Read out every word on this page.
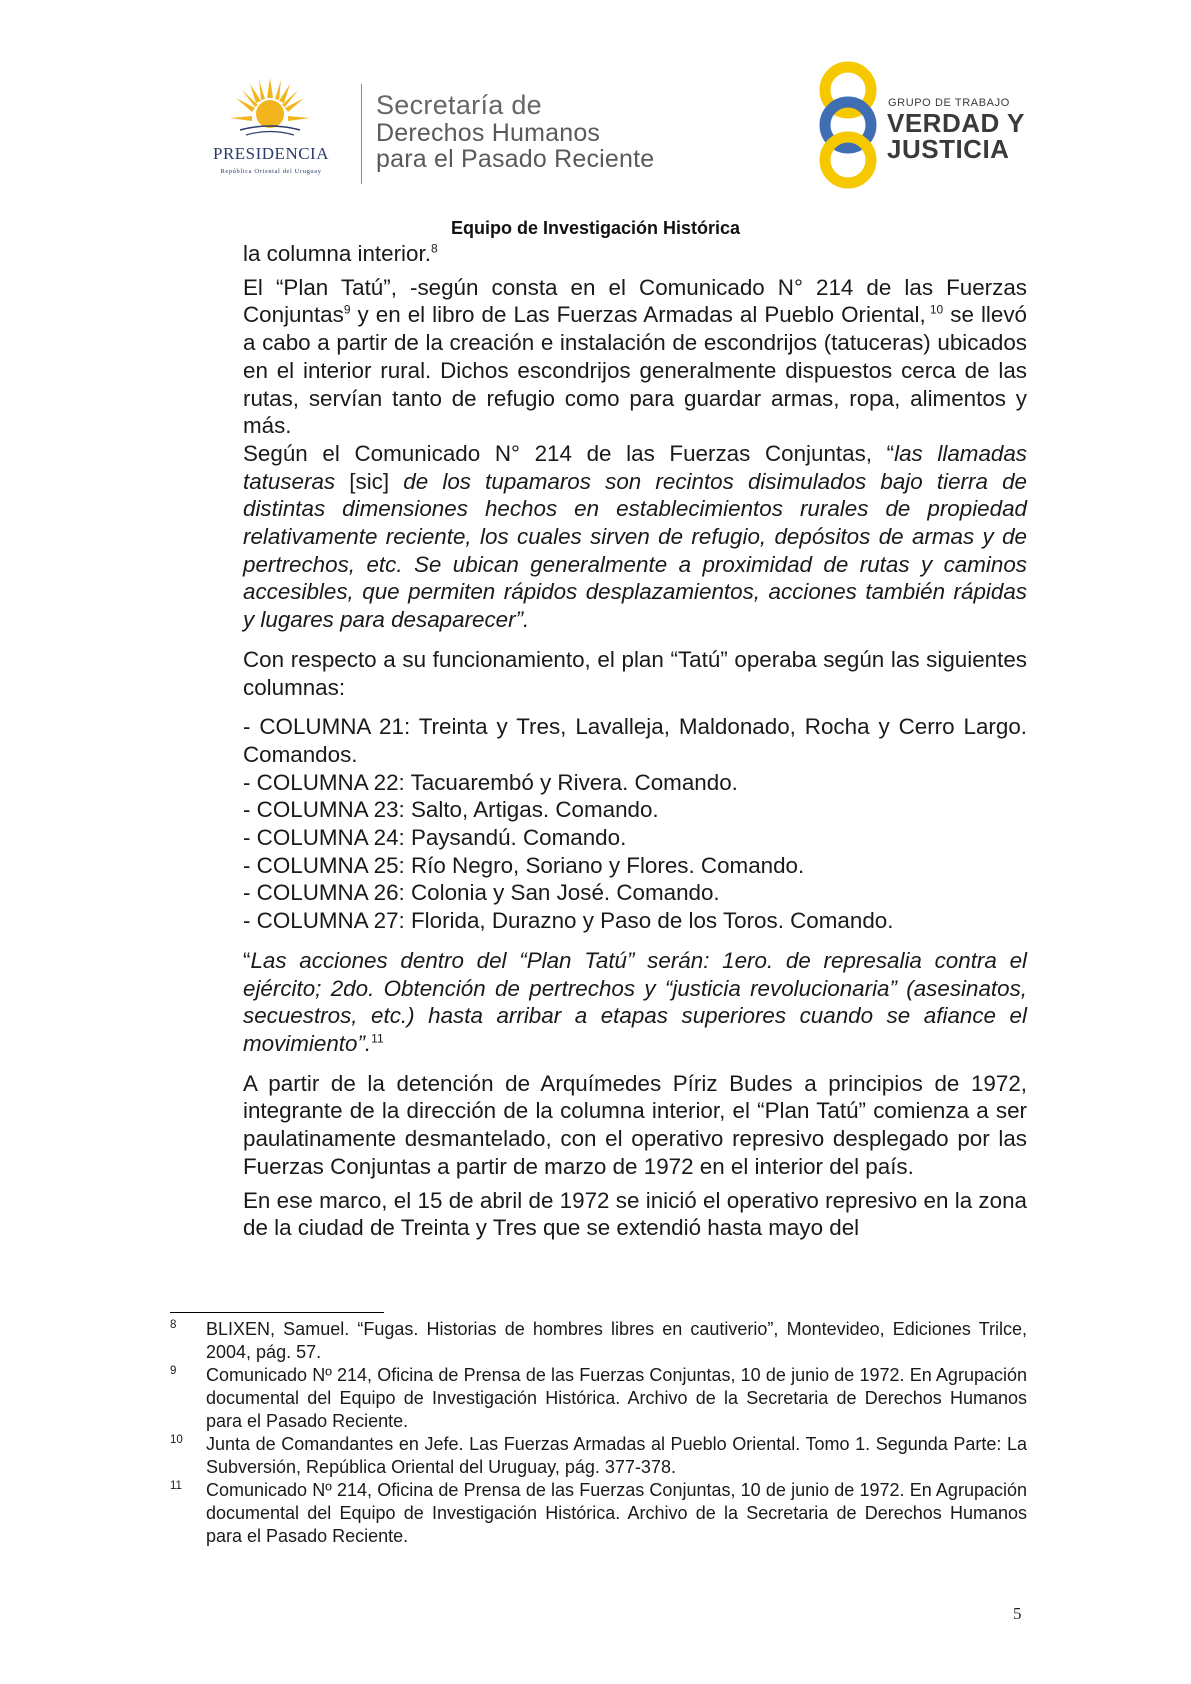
PRESIDENCIA
República Oriental del Uruguay
Secretaría de
Derechos Humanos
para el Pasado Reciente
GRUPO DE TRABAJO
VERDAD Y
JUSTICIA
Equipo de Investigación Histórica

la columna interior.$^8$

El “Plan Tatú”, -según consta en el Comunicado N° 214 de las Fuerzas Conjuntas$^9$ y en el libro de Las Fuerzas Armadas al Pueblo Oriental, $^{10}$ se llevó a cabo a partir de la creación e instalación de escondrijos (tatuceras) ubicados en el interior rural. Dichos escondrijos generalmente dispuestos cerca de las rutas, servían tanto de refugio como para guardar armas, ropa, alimentos y más.

Según el Comunicado N° 214 de las Fuerzas Conjuntas, “las llamadas tatuseras [sic] de los tupamaros son recintos disimulados bajo tierra de distintas dimensiones hechos en establecimientos rurales de propiedad relativamente reciente, los cuales sirven de refugio, depósitos de armas y de pertrechos, etc. Se ubican generalmente a proximidad de rutas y caminos accesibles, que permiten rápidos desplazamientos, acciones también rápidas y lugares para desaparecer”.

Con respecto a su funcionamiento, el plan “Tatú” operaba según las siguientes columnas:

- COLUMNA 21: Treinta y Tres, Lavalleja, Maldonado, Rocha y Cerro Largo. Comandos.

- COLUMNA 22: Tacuarembó y Rivera. Comando.

- COLUMNA 23: Salto, Artigas. Comando.

- COLUMNA 24: Paysandú. Comando.

- COLUMNA 25: Río Negro, Soriano y Flores. Comando.

- COLUMNA 26: Colonia y San José. Comando.

- COLUMNA 27: Florida, Durazno y Paso de los Toros. Comando.

“Las acciones dentro del “Plan Tatú” serán: 1ero. de represalia contra el ejército; 2do. Obtención de pertrechos y “justicia revolucionaria” (asesinatos, secuestros, etc.) hasta arribar a etapas superiores cuando se afiance el movimiento”.$^{11}$

A partir de la detención de Arquímedes Píriz Budes a principios de 1972, integrante de la dirección de la columna interior, el “Plan Tatú” comienza a ser paulatinamente desmantelado, con el operativo represivo desplegado por las Fuerzas Conjuntas a partir de marzo de 1972 en el interior del país.

En ese marco, el 15 de abril de 1972 se inició el operativo represivo en la zona de la ciudad de Treinta y Tres que se extendió hasta mayo del

8 BLIXEN, Samuel. “Fugas. Historias de hombres libres en cautiverio”, Montevideo, Ediciones Trilce, 2004, pág. 57.
9 Comunicado Nº 214, Oficina de Prensa de las Fuerzas Conjuntas, 10 de junio de 1972. En Agrupación documental del Equipo de Investigación Histórica. Archivo de la Secretaria de Derechos Humanos para el Pasado Reciente.
10 Junta de Comandantes en Jefe. Las Fuerzas Armadas al Pueblo Oriental. Tomo 1. Segunda Parte: La Subversión, República Oriental del Uruguay, pág. 377-378.
11 Comunicado Nº 214, Oficina de Prensa de las Fuerzas Conjuntas, 10 de junio de 1972. En Agrupación documental del Equipo de Investigación Histórica. Archivo de la Secretaria de Derechos Humanos para el Pasado Reciente.
5
